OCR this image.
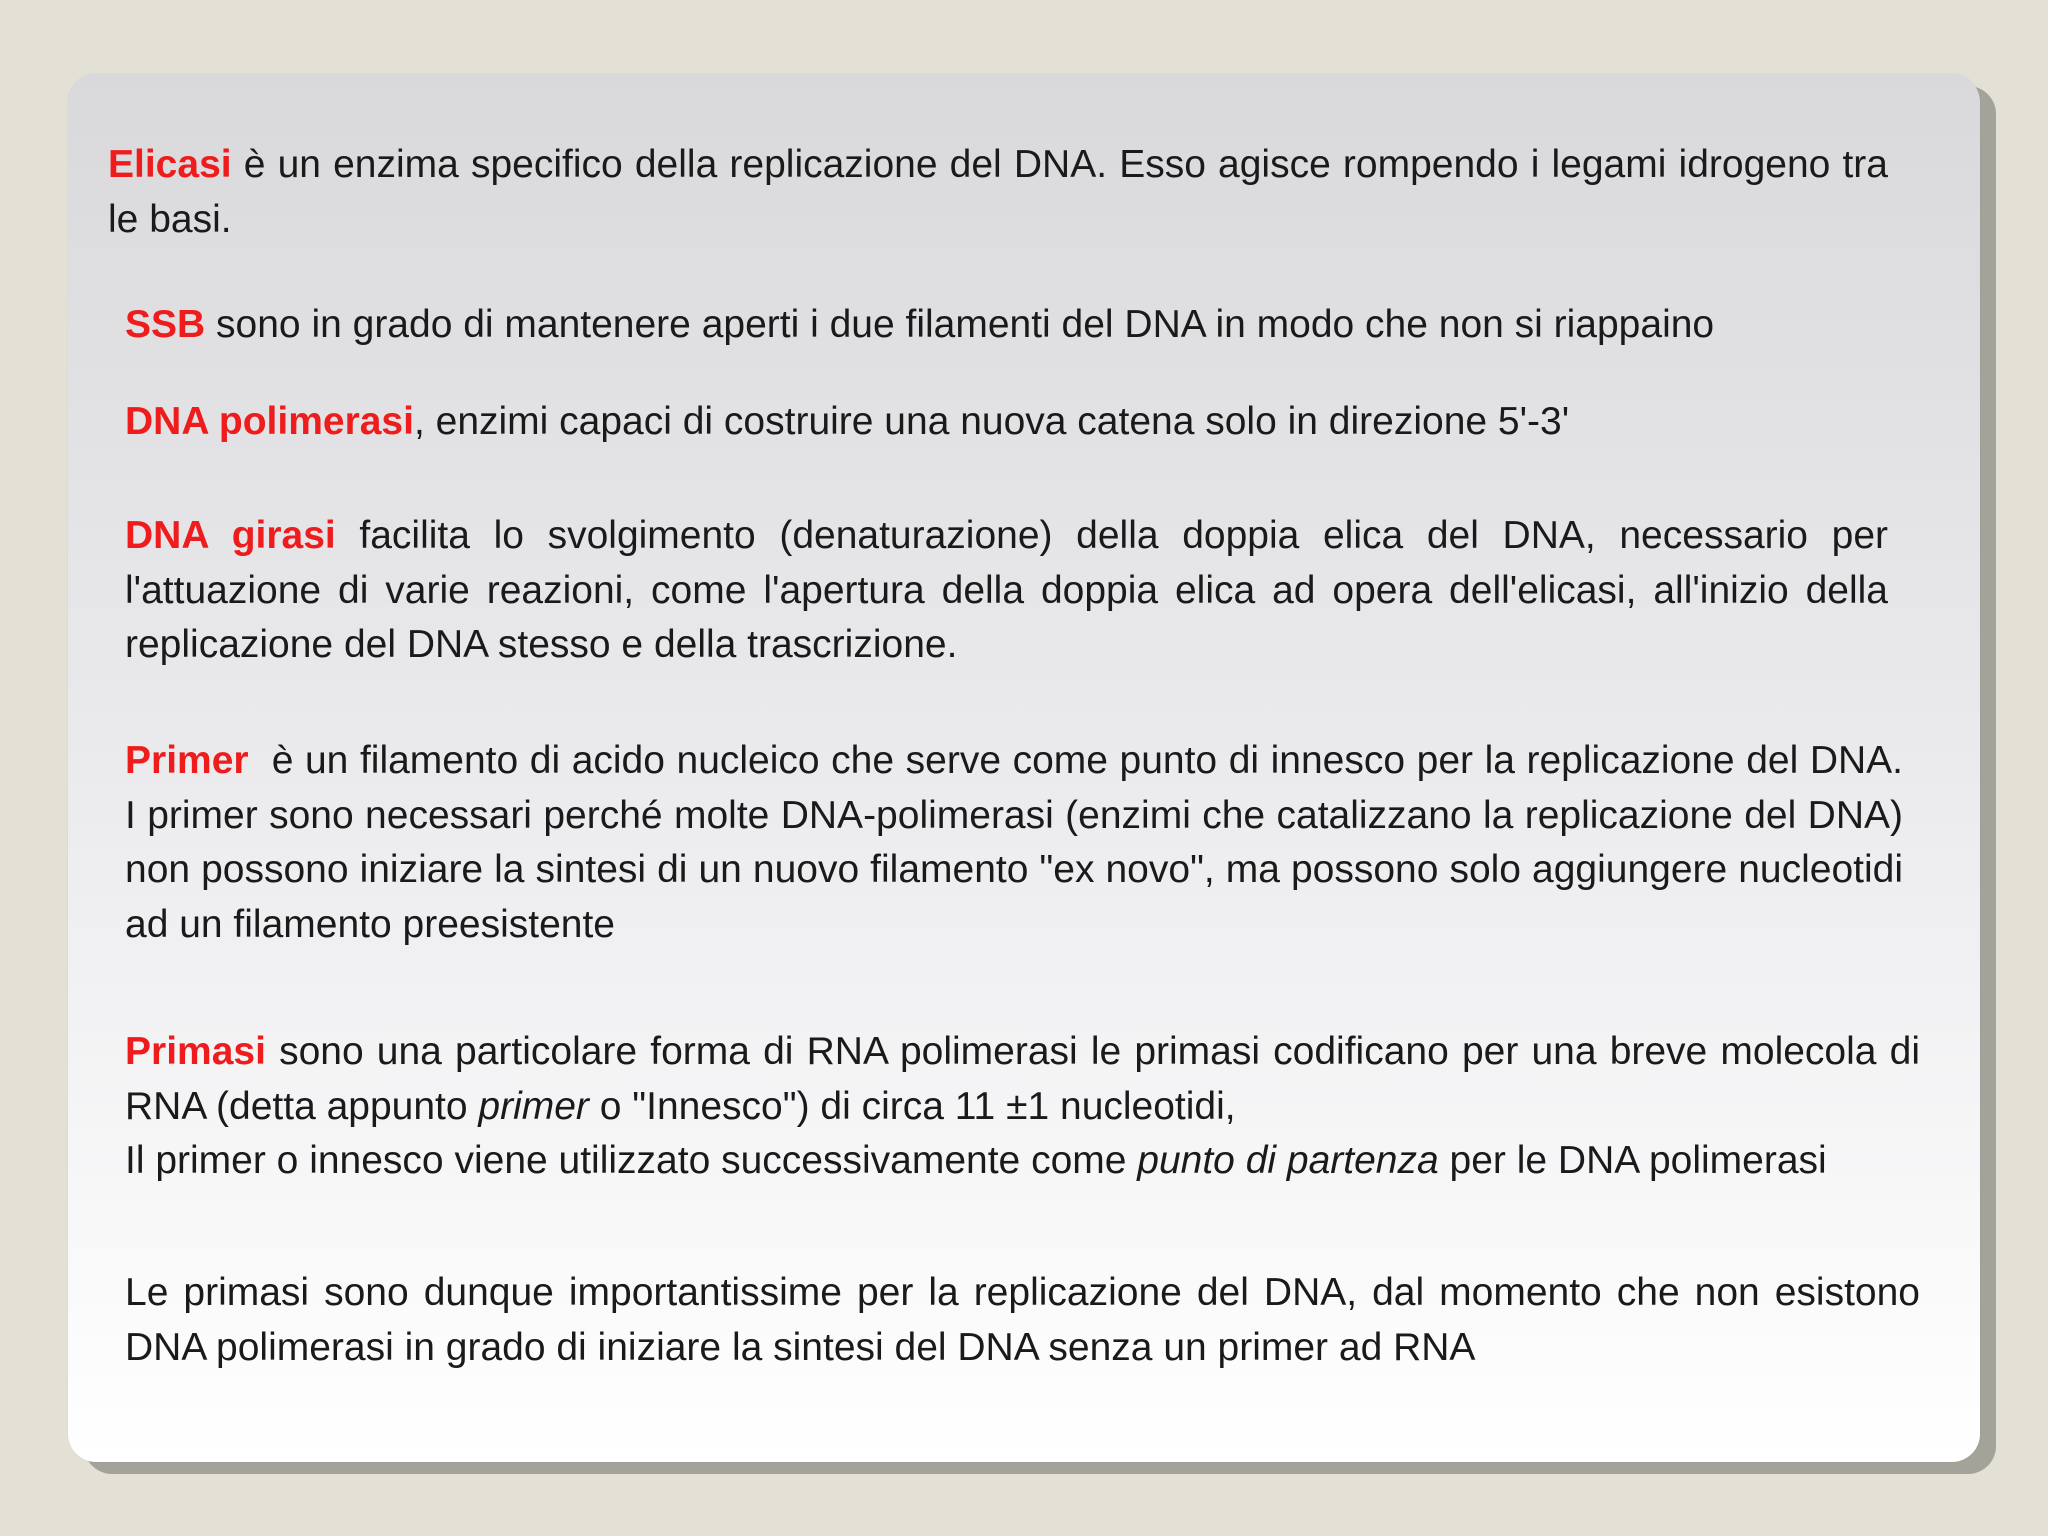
Elicasi è un enzima specifico della replicazione del DNA. Esso agisce rompendo i legami idrogeno tra le basi.

SSB sono in grado di mantenere aperti i due filamenti del DNA in modo che non si riappaino

DNA polimerasi, enzimi capaci di costruire una nuova catena solo in direzione 5'-3'

DNA girasi facilita lo svolgimento (denaturazione) della doppia elica del DNA, necessario per l'attuazione di varie reazioni, come l'apertura della doppia elica ad opera dell'elicasi, all'inizio della replicazione del DNA stesso e della trascrizione.

Primer  è un filamento di acido nucleico che serve come punto di innesco per la replicazione del DNA. I primer sono necessari perché molte DNA-polimerasi (enzimi che catalizzano la replicazione del DNA) non possono iniziare la sintesi di un nuovo filamento "ex novo", ma possono solo aggiungere nucleotidi ad un filamento preesistente

Primasi sono una particolare forma di RNA polimerasi le primasi codificano per una breve molecola di RNA (detta appunto primer o "Innesco") di circa 11 ±1 nucleotidi,
Il primer o innesco viene utilizzato successivamente come punto di partenza per le DNA polimerasi

Le primasi sono dunque importantissime per la replicazione del DNA, dal momento che non esistono DNA polimerasi in grado di iniziare la sintesi del DNA senza un primer ad RNA
